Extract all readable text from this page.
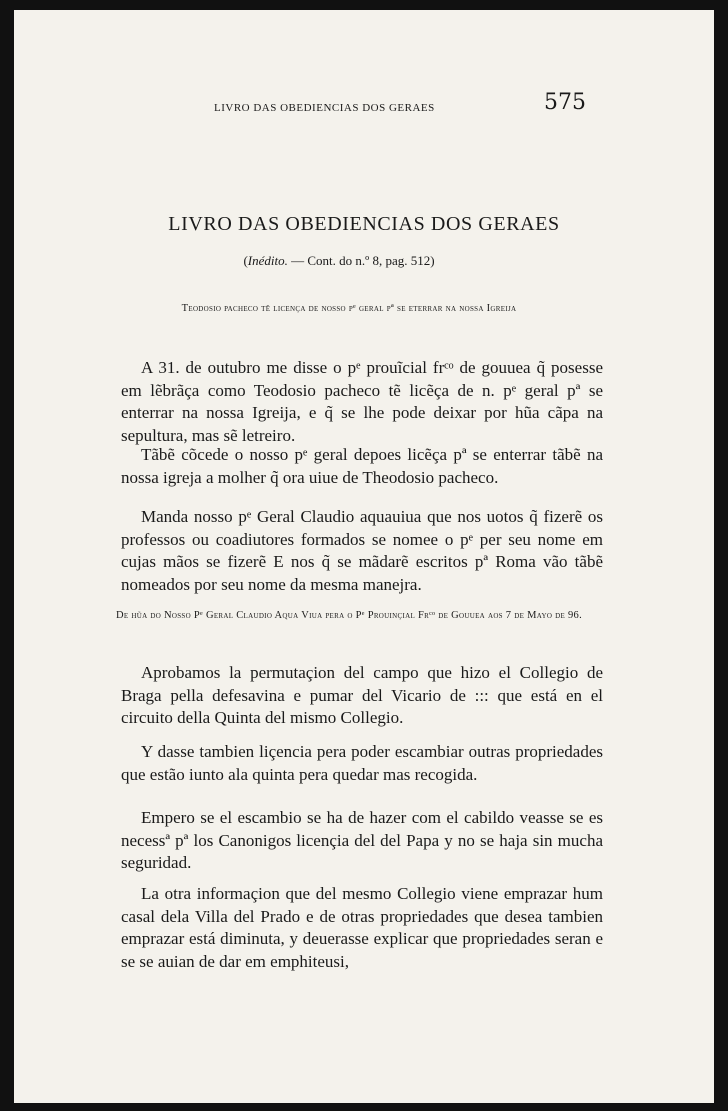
LIVRO DAS OBEDIENCIAS DOS GERAES	575
LIVRO DAS OBEDIENCIAS DOS GERAES
(Inédito. — Cont. do n.º 8, pag. 512)
Teodosio pacheco tẽ licença de nosso pᵉ geral pª se eterrar na nossa Igreija
A 31. de outubro me disse o pᵉ prouĩcial frᶜᵒ de gouuea q̃ posesse em lẽbrãça como Teodosio pacheco tẽ licẽça de n. pᵉ geral pª se enterrar na nossa Igreija, e q̃ se lhe pode deixar por hũa cãpa na sepultura, mas sẽ letreiro.
Tãbẽ cõcede o nosso pᵉ geral depoes licẽça pª se enterrar tãbẽ na nossa igreja a molher q̃ ora uiue de Theodosio pacheco.
Manda nosso pᵉ Geral Claudio aquauiua que nos uotos q̃ fizerẽ os professos ou coadiutores formados se nomee o pᵉ per seu nome em cujas mãos se fizerẽ E nos q̃ se mãdarẽ escritos pª Roma vão tãbẽ nomeados por seu nome da mesma manejra.
De hũa do Nosso Pᵉ Geral Claudio Aqua Viua pera o Pᵉ Prouinçial Frᶜᵒ de Gouuea aos 7 de Mayo de 96.
Aprobamos la permutaçion del campo que hizo el Collegio de Braga pella defesavina e pumar del Vicario de ::: que está en el circuito della Quinta del mismo Collegio.
Y dasse tambien liçencia pera poder escambiar outras propriedades que estão iunto ala quinta pera quedar mas recogida.
Empero se el escambio se ha de hazer com el cabildo veasse se es necessª pª los Canonigos licençia del del Papa y no se haja sin mucha seguridad.
La otra informaçion que del mesmo Collegio viene emprazar hum casal dela Villa del Prado e de otras propriedades que desea tambien emprazar está diminuta, y deuerasse explicar que propriedades seran e se se auian de dar em emphiteusi,
